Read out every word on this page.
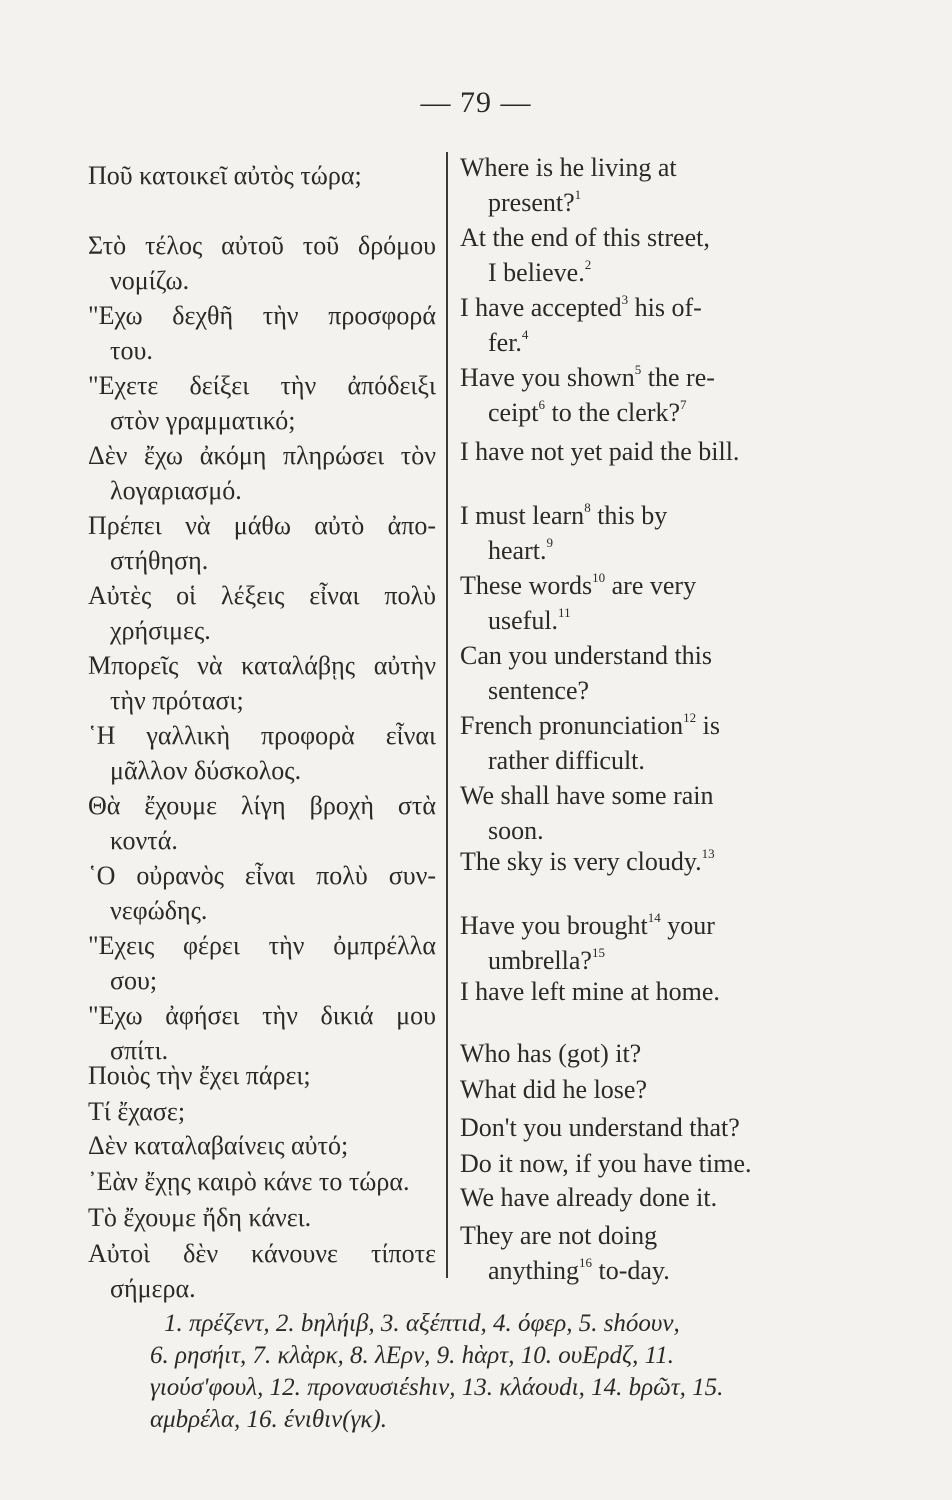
— 79 —
Ποῦ κατοικεῖ αὐτὸς τώρα;
Στὸ τέλος αὐτοῦ τοῦ δρόμου
νομίζω.
"Εχω δεχθῆ τὴν προσφορά
του.
"Εχετε δείξει τὴν ἀπόδειξι
στὸν γραμματικό;
Δὲν ἔχω ἀκόμη πληρώσει τὸν
λογαριασμό.
Πρέπει νὰ μάθω αὐτὸ ἀπο-
στήθηση.
Αὐτὲς οἱ λέξεις εἶναι πολὺ
χρήσιμες.
Μπορεῖς νὰ καταλάβῃς αὐτὴν
τὴν πρότασι;
῾Η γαλλικὴ προφορὰ εἶναι
μᾶλλον δύσκολος.
Θὰ ἔχουμε λίγη βροχὴ στὰ
κοντά.
῾Ο οὐρανὸς εἶναι πολὺ συν-
νεφώδης.
"Εχεις φέρει τὴν ὀμπρέλλα
σου;
"Εχω ἀφήσει τὴν δικιά μου
σπίτι.
Ποιὸς τὴν ἔχει πάρει;
Τί ἔχασε;
Δὲν καταλαβαίνεις αὐτό;
᾽Εὰν ἔχῃς καιρὸ κάνε το τώρα.
Τὸ ἔχουμε ἤδη κάνει.
Αὐτοὶ δὲν κάνουνε τίποτε
σήμερα.
Where is he living at
present?$^1$
At the end of this street,
I believe.$^2$
I have accepted$^3$ his of-
fer.$^4$
Have you shown$^5$ the re-
ceipt$^6$ to the clerk?$^7$
I have not yet paid the bill.
I must learn$^8$ this by
heart.$^9$
These words$^{10}$ are very
useful.$^{11}$
Can you understand this
sentence?
French pronunciation$^{12}$ is
rather difficult.
We shall have some rain
soon.
The sky is very cloudy.$^{13}$
Have you brought$^{14}$ your
umbrella?$^{15}$
I have left mine at home.
Who has (got) it?
What did he lose?
Don't you understand that?
Do it now, if you have time.
We have already done it.
They are not doing
anything$^{16}$ to-day.
1. πρέζεντ, 2. bηλήιβ, 3. αξέπτιd, 4. όφερ, 5. shóουν,
6. ρησήιτ, 7. κλὰρκ, 8. λΕρν, 9. hὰρτ, 10. ουΕρdζ, 11.
γιούσ'φουλ, 12. προναυσιέshιν, 13. κλάουdι, 14. bρῶτ, 15.
αμbρέλα, 16. ένιθιν(γκ).
